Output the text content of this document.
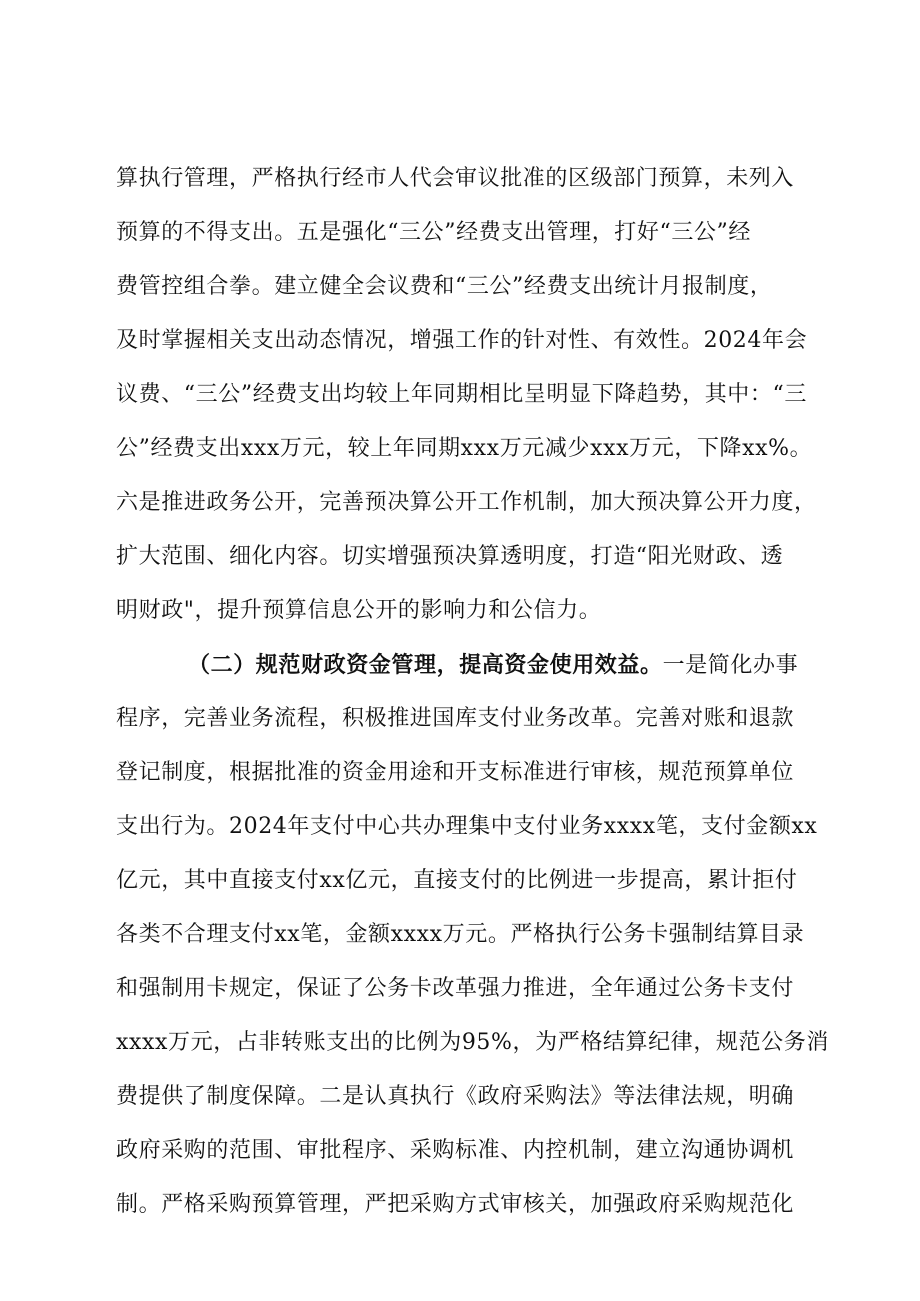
算执行管理，严格执行经市人代会审议批准的区级部门预算，未列入
预算的不得支出。五是强化“三公”经费支出管理，打好“三公”经
费管控组合拳。建立健全会议费和“三公”经费支出统计月报制度，
及时掌握相关支出动态情况，增强工作的针对性、有效性。2024年会
议费、“三公”经费支出均较上年同期相比呈明显下降趋势，其中：“三
公”经费支出xxx万元，较上年同期xxx万元减少xxx万元，下降xx%。
六是推进政务公开，完善预决算公开工作机制，加大预决算公开力度，
扩大范围、细化内容。切实增强预决算透明度，打造“阳光财政、透
明财政"，提升预算信息公开的影响力和公信力。
（二）规范财政资金管理，提高资金使用效益。一是简化办事
程序，完善业务流程，积极推进国库支付业务改革。完善对账和退款
登记制度，根据批准的资金用途和开支标准进行审核，规范预算单位
支出行为。2024年支付中心共办理集中支付业务xxxx笔，支付金额xx
亿元，其中直接支付xx亿元，直接支付的比例进一步提高，累计拒付
各类不合理支付xx笔，金额xxxx万元。严格执行公务卡强制结算目录
和强制用卡规定，保证了公务卡改革强力推进，全年通过公务卡支付
xxxx万元，占非转账支出的比例为95%，为严格结算纪律，规范公务消
费提供了制度保障。二是认真执行《政府采购法》等法律法规，明确
政府采购的范围、审批程序、采购标准、内控机制，建立沟通协调机
制。严格采购预算管理，严把采购方式审核关，加强政府采购规范化
